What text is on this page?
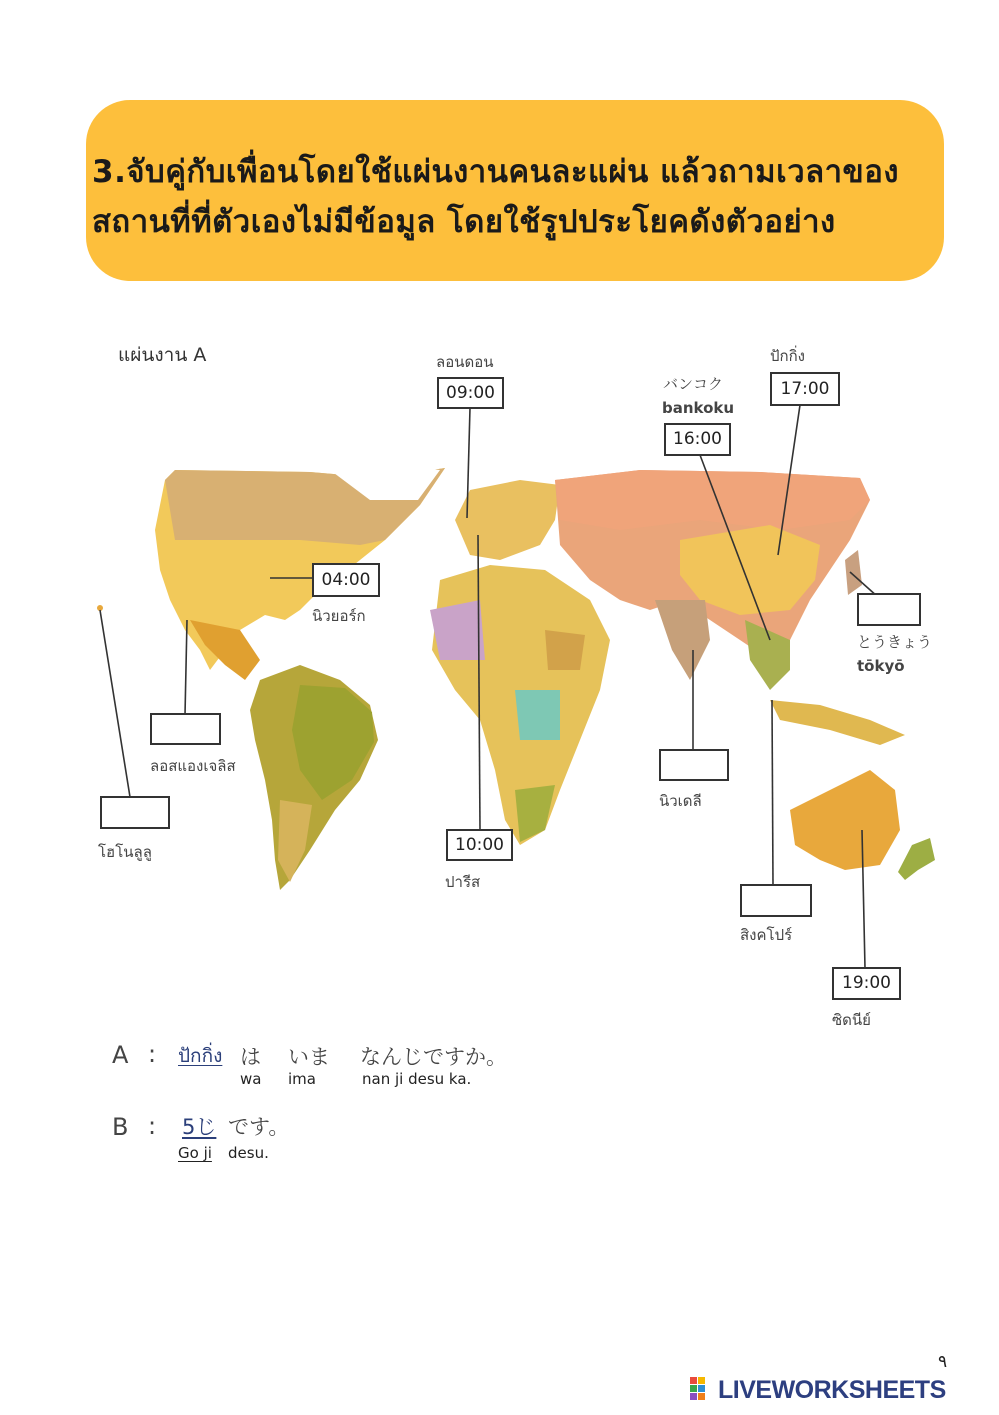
3.จับคู่กับเพื่อนโดยใช้แผ่นงานคนละแผ่น แล้วถามเวลาของ
สถานที่ที่ตัวเองไม่มีข้อมูล โดยใช้รูปประโยคดังตัวอย่าง
แผ่นงาน A	ลอนดอน
09:00	バンコク
bankoku
16:00
ปักกิ่ง
17:00
04:00
นิวยอร์ก
とうきょう
tōkyō
ลอสแองเจลิส
โฮโนลูลู	10:00
ปารีส
นิวเดลี
สิงคโปร์
19:00
ซิดนีย์
A : ปักกิ่ง は いま なんじですか。
wa ima	nan ji desu ka.
B : 5じ です。
Go ji desu.
٩
LIVEWORKSHEETS
